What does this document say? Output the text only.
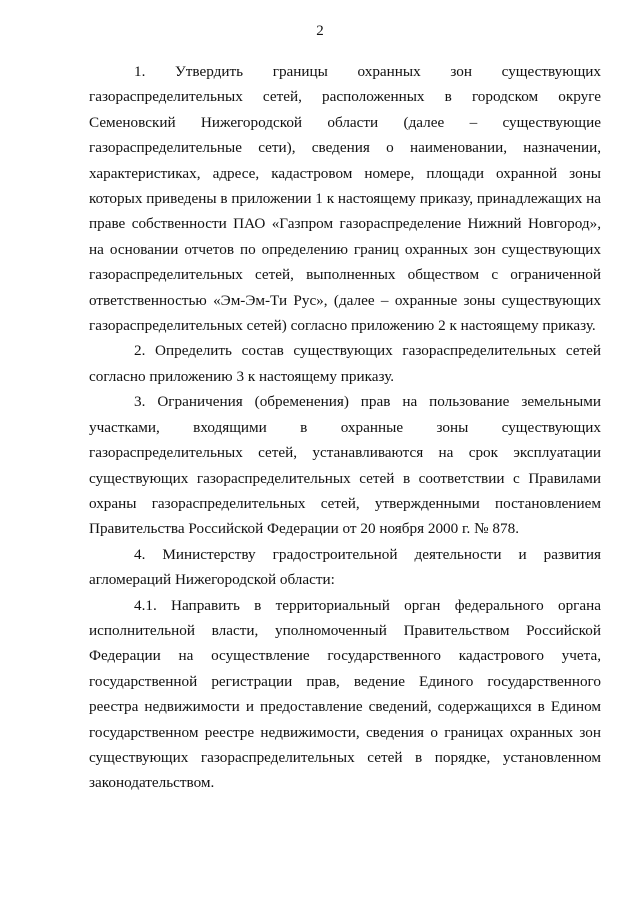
2

1. Утвердить границы охранных зон существующих газораспределительных сетей, расположенных в городском округе Семеновский Нижегородской области (далее – существующие газораспределительные сети), сведения о наименовании, назначении, характеристиках, адресе, кадастровом номере, площади охранной зоны которых приведены в приложении 1 к настоящему приказу, принадлежащих на праве собственности ПАО «Газпром газораспределение Нижний Новгород», на основании отчетов по определению границ охранных зон существующих газораспределительных сетей, выполненных обществом с ограниченной ответственностью «Эм-Эм-Ти Рус», (далее – охранные зоны существующих газораспределительных сетей) согласно приложению 2 к настоящему приказу.

2. Определить состав существующих газораспределительных сетей согласно приложению 3 к настоящему приказу.

3. Ограничения (обременения) прав на пользование земельными участками, входящими в охранные зоны существующих газораспределительных сетей, устанавливаются на срок эксплуатации существующих газораспределительных сетей в соответствии с Правилами охраны газораспределительных сетей, утвержденными постановлением Правительства Российской Федерации от 20 ноября 2000 г. № 878.

4. Министерству градостроительной деятельности и развития агломераций Нижегородской области:

4.1. Направить в территориальный орган федерального органа исполнительной власти, уполномоченный Правительством Российской Федерации на осуществление государственного кадастрового учета, государственной регистрации прав, ведение Единого государственного реестра недвижимости и предоставление сведений, содержащихся в Едином государственном реестре недвижимости, сведения о границах охранных зон существующих газораспределительных сетей в порядке, установленном законодательством.
